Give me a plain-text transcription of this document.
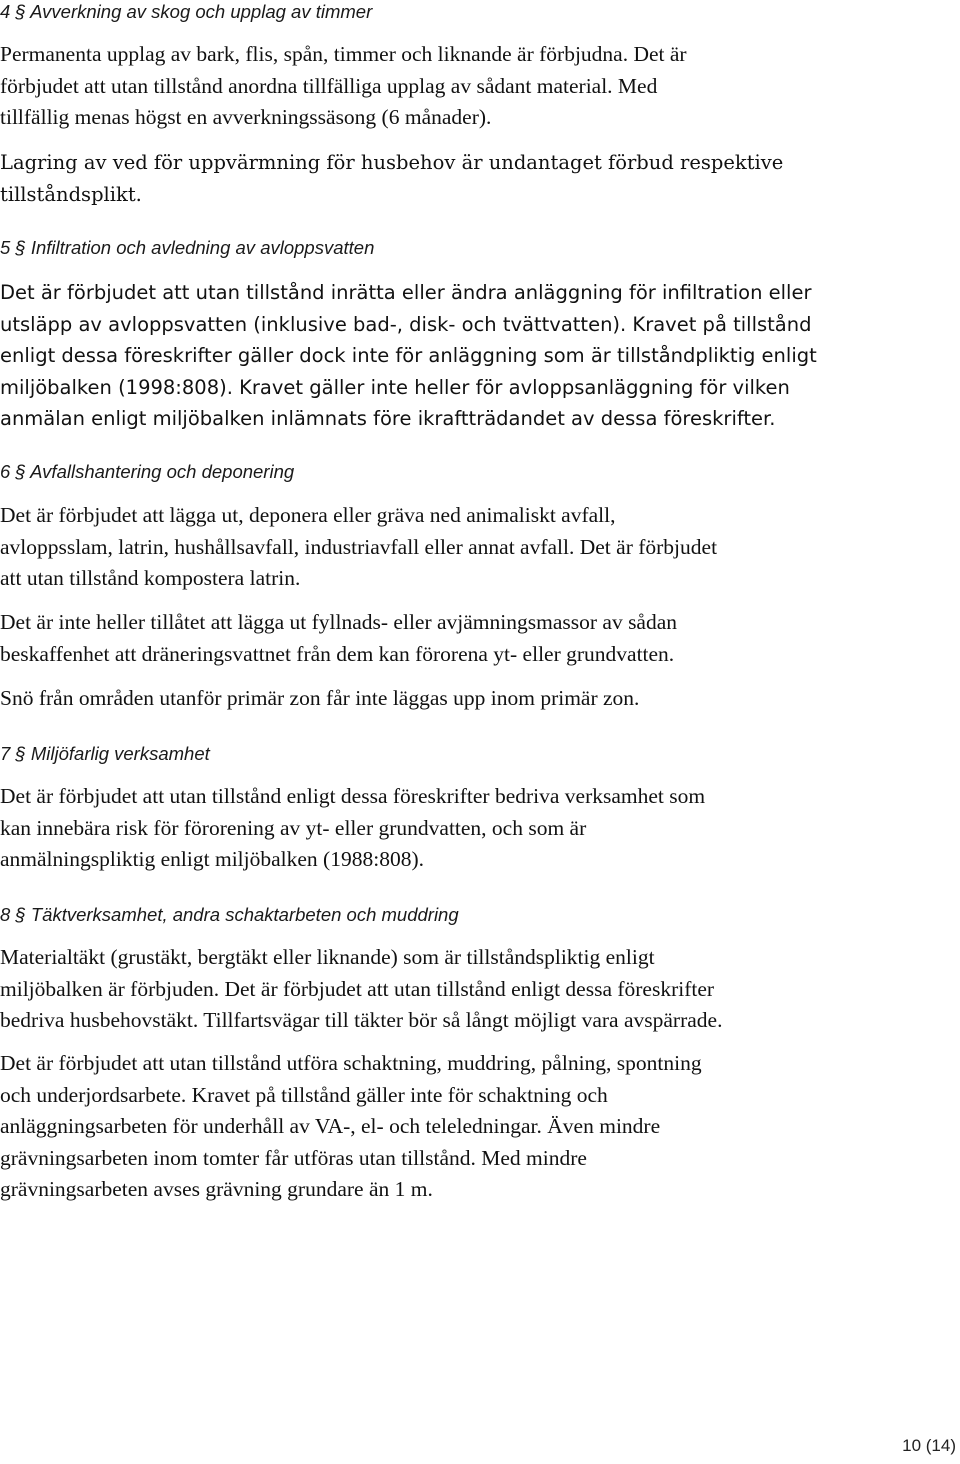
4 § Avverkning av skog och upplag av timmer
Permanenta upplag av bark, flis, spån, timmer och liknande är förbjudna. Det är
förbjudet att utan tillstånd anordna tillfälliga upplag av sådant material. Med
tillfällig menas högst en avverkningssäsong (6 månader).
Lagring av ved för uppvärmning för husbehov är undantaget förbud respektive
tillståndsplikt.
5 § Infiltration och avledning av avloppsvatten
Det är förbjudet att utan tillstånd inrätta eller ändra anläggning för infiltration eller
utsläpp av avloppsvatten (inklusive bad-, disk- och tvättvatten). Kravet på tillstånd
enligt dessa föreskrifter gäller dock inte för anläggning som är tillståndpliktig enligt
miljöbalken (1998:808). Kravet gäller inte heller för avloppsanläggning för vilken
anmälan enligt miljöbalken inlämnats före ikraftträdandet av dessa föreskrifter.
6 § Avfallshantering och deponering
Det är förbjudet att lägga ut, deponera eller gräva ned animaliskt avfall,
avloppsslam, latrin, hushållsavfall, industriavfall eller annat avfall. Det är förbjudet
att utan tillstånd kompostera latrin.
Det är inte heller tillåtet att lägga ut fyllnads- eller avjämningsmassor av sådan
beskaffenhet att dräneringsvattnet från dem kan förorena yt- eller grundvatten.
Snö från områden utanför primär zon får inte läggas upp inom primär zon.
7 § Miljöfarlig verksamhet
Det är förbjudet att utan tillstånd enligt dessa föreskrifter bedriva verksamhet som
kan innebära risk för förorening av yt- eller grundvatten, och som är
anmälningspliktig enligt miljöbalken (1988:808).
8 § Täktverksamhet, andra schaktarbeten och muddring
Materialtäkt (grustäkt, bergtäkt eller liknande) som är tillståndspliktig enligt
miljöbalken är förbjuden. Det är förbjudet att utan tillstånd enligt dessa föreskrifter
bedriva husbehovstäkt. Tillfartsvägar till täkter bör så långt möjligt vara avspärrade.
Det är förbjudet att utan tillstånd utföra schaktning, muddring, pålning, spontning
och underjordsarbete. Kravet på tillstånd gäller inte för schaktning och
anläggningsarbeten för underhåll av VA-, el- och teleledningar. Även mindre
grävningsarbeten inom tomter får utföras utan tillstånd. Med mindre
grävningsarbeten avses grävning grundare än 1 m.
10 (14)
